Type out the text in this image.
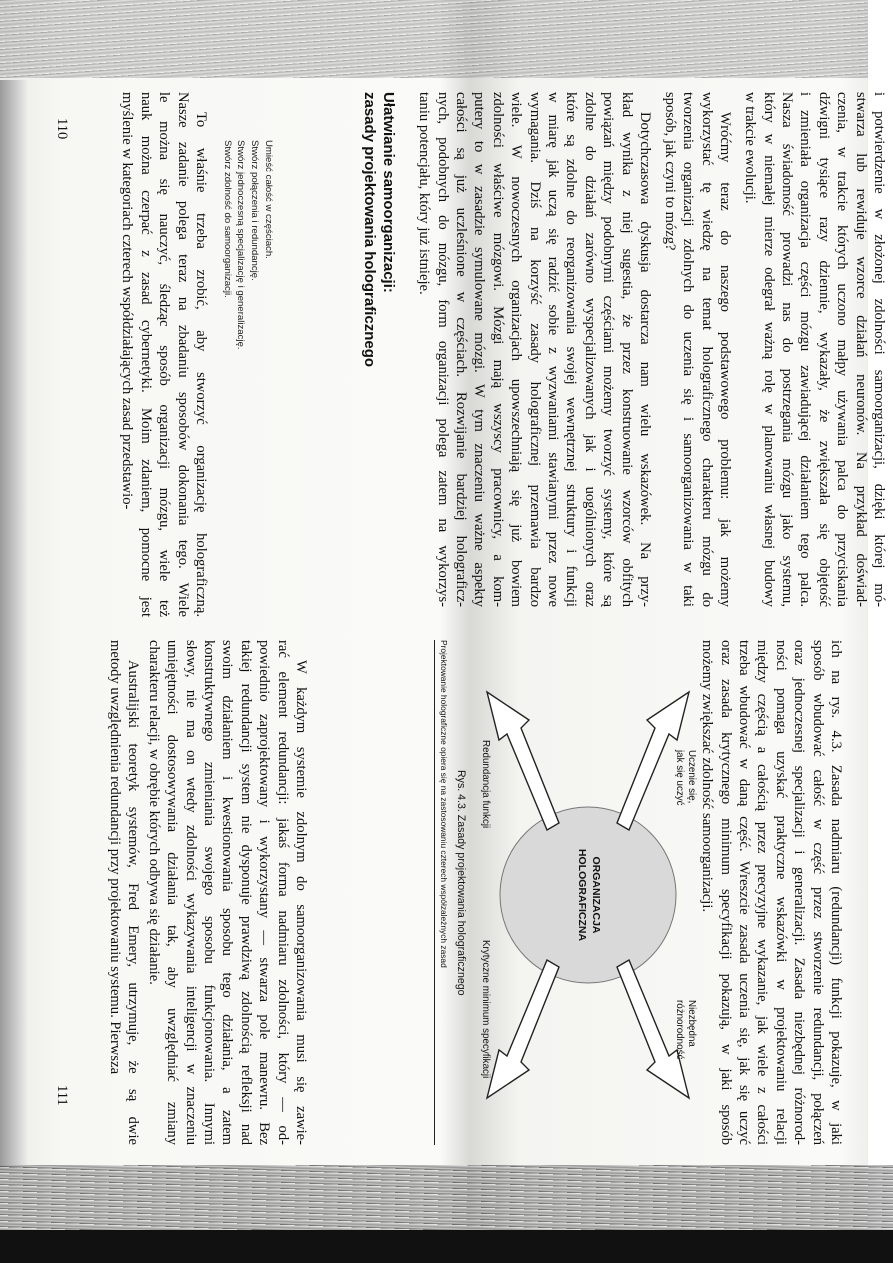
i potwierdzenie w złożonej zdolności samoorganizacji, dzięki której mó-
stwarza lub rewiduje wzorce działań neuronów. Na przykład doświad-
czenia, w trakcie których uczono małpy używania palca do przyciskania
dźwigni tysiące razy dziennie, wykazały, że zwiększała się objętość
i zmieniała organizacja części mózgu zawiadującej działaniem tego palca.
Nasza świadomość prowadzi nas do postrzegania mózgu jako systemu,
który w niemałej mierze odegrał ważną rolę w planowaniu własnej budowy
w trakcie ewolucji.
Wróćmy teraz do naszego podstawowego problemu: jak możemy
wykorzystać tę wiedzę na temat holograficznego charakteru mózgu do
tworzenia organizacji zdolnych do uczenia się i samoorganizowania w taki
sposób, jak czyni to mózg?
Dotychczasowa dyskusja dostarcza nam wielu wskazówek. Na przy-
kład wynika z niej sugestia, że przez konstruowanie wzorców obfitych
powiązań między podobnymi częściami możemy tworzyć systemy, które są
zdolne do działań zarówno wyspecjalizowanych jak i uogólnionych oraz
które są zdolne do reorganizowania swojej wewnętrznej struktury i funkcji
w miarę jak uczą się radzić sobie z wyzwaniami stawianymi przez nowe
wymagania. Dziś na korzyść zasady holograficznej przemawia bardzo
wiele. W nowoczesnych organizacjach upowszechniają się już bowiem
zdolności właściwe mózgowi. Mózgi mają wszyscy pracownicy, a kom-
putery to w zasadzie symulowane mózgi. W tym znaczeniu ważne aspekty
całości są już uczleśnione w częściach. Rozwijanie bardziej holograficz-
nych, podobnych do mózgu, form organizacji polega zatem na wykorzys-
taniu potencjału, który już istnieje.
Ułatwianie samoorganizacji:
zasady projektowania holograficznego
Umieść całość w częściach.
Stwórz połączenia i redundancję.
Stwórz jednoczesną specjalizację i generalizację.
Stwórz zdolność do samoorganizacji.
To właśnie trzeba zrobić, aby stworzyć organizację holograficzną.
Nasze zadanie polega teraz na zbadaniu sposobów dokonania tego. Wiele
le można się nauczyć, śledząc sposób organizacji mózgu, wiele też
nauk można czerpać z zasad cybernetyki. Moim zdaniem, pomocne jest
myślenie w kategoriach czterech współdziałających zasad przedstawio-
110
ich na rys. 4.3. Zasada nadmiaru (redundancji) funkcji pokazuje, w jaki
sposób wbudować całość w część przez stworzenie redundancji, połączeń
oraz jednoczesnej specjalizacji i generalizacji. Zasada niezbędnej różnorod-
ności pomaga uzyskać praktyczne wskazówki w projektowaniu relacji
między częścią a całością przez precyzyjne wykazanie, jak wiele z całości
trzeba wbudować w daną część. Wreszcie zasada uczenia się, jak się uczyć
oraz zasada krytycznego minimum specyfikacji pokazują, w jaki sposób
możemy zwiększać zdolność samoorganizacji.
ORGANIZACJA
HOLOGRAFICZNA
Uczenie się,
jak się uczyć
Niezbędna
różnorodność
Redundancja funkcji
Krytyczne minimum specyfikacji
Rys. 4.3. Zasady projektowania holograficznego
Projektowanie holograficzne opiera się na zastosowaniu czterech współzależnych zasad
W każdym systemie zdolnym do samoorganizowania musi się zawie-
rać element redundancji: jakaś forma nadmiaru zdolności, który — od-
powiednio zaprojektowany i wykorzystany — stwarza pole manewru. Bez
takiej redundancji system nie dysponuje prawdziwą zdolnością refleksji nad
swoim działaniem i kwestionowania sposobu tego działania, a zatem
konstruktywnego zmieniania swojego sposobu funkcjonowania. Innymi
słowy, nie ma on wtedy zdolności wykazywania inteligencji w znaczeniu
umiejętności dostosowywania działania tak, aby uwzględniać zmiany
charakteru relacji, w obrębie których odbywa się działanie.
Australijski teoretyk systemów, Fred Emery, utrzymuje, że są dwie
metody uwzględnienia redundancji przy projektowaniu systemu. Pierwsza
111
